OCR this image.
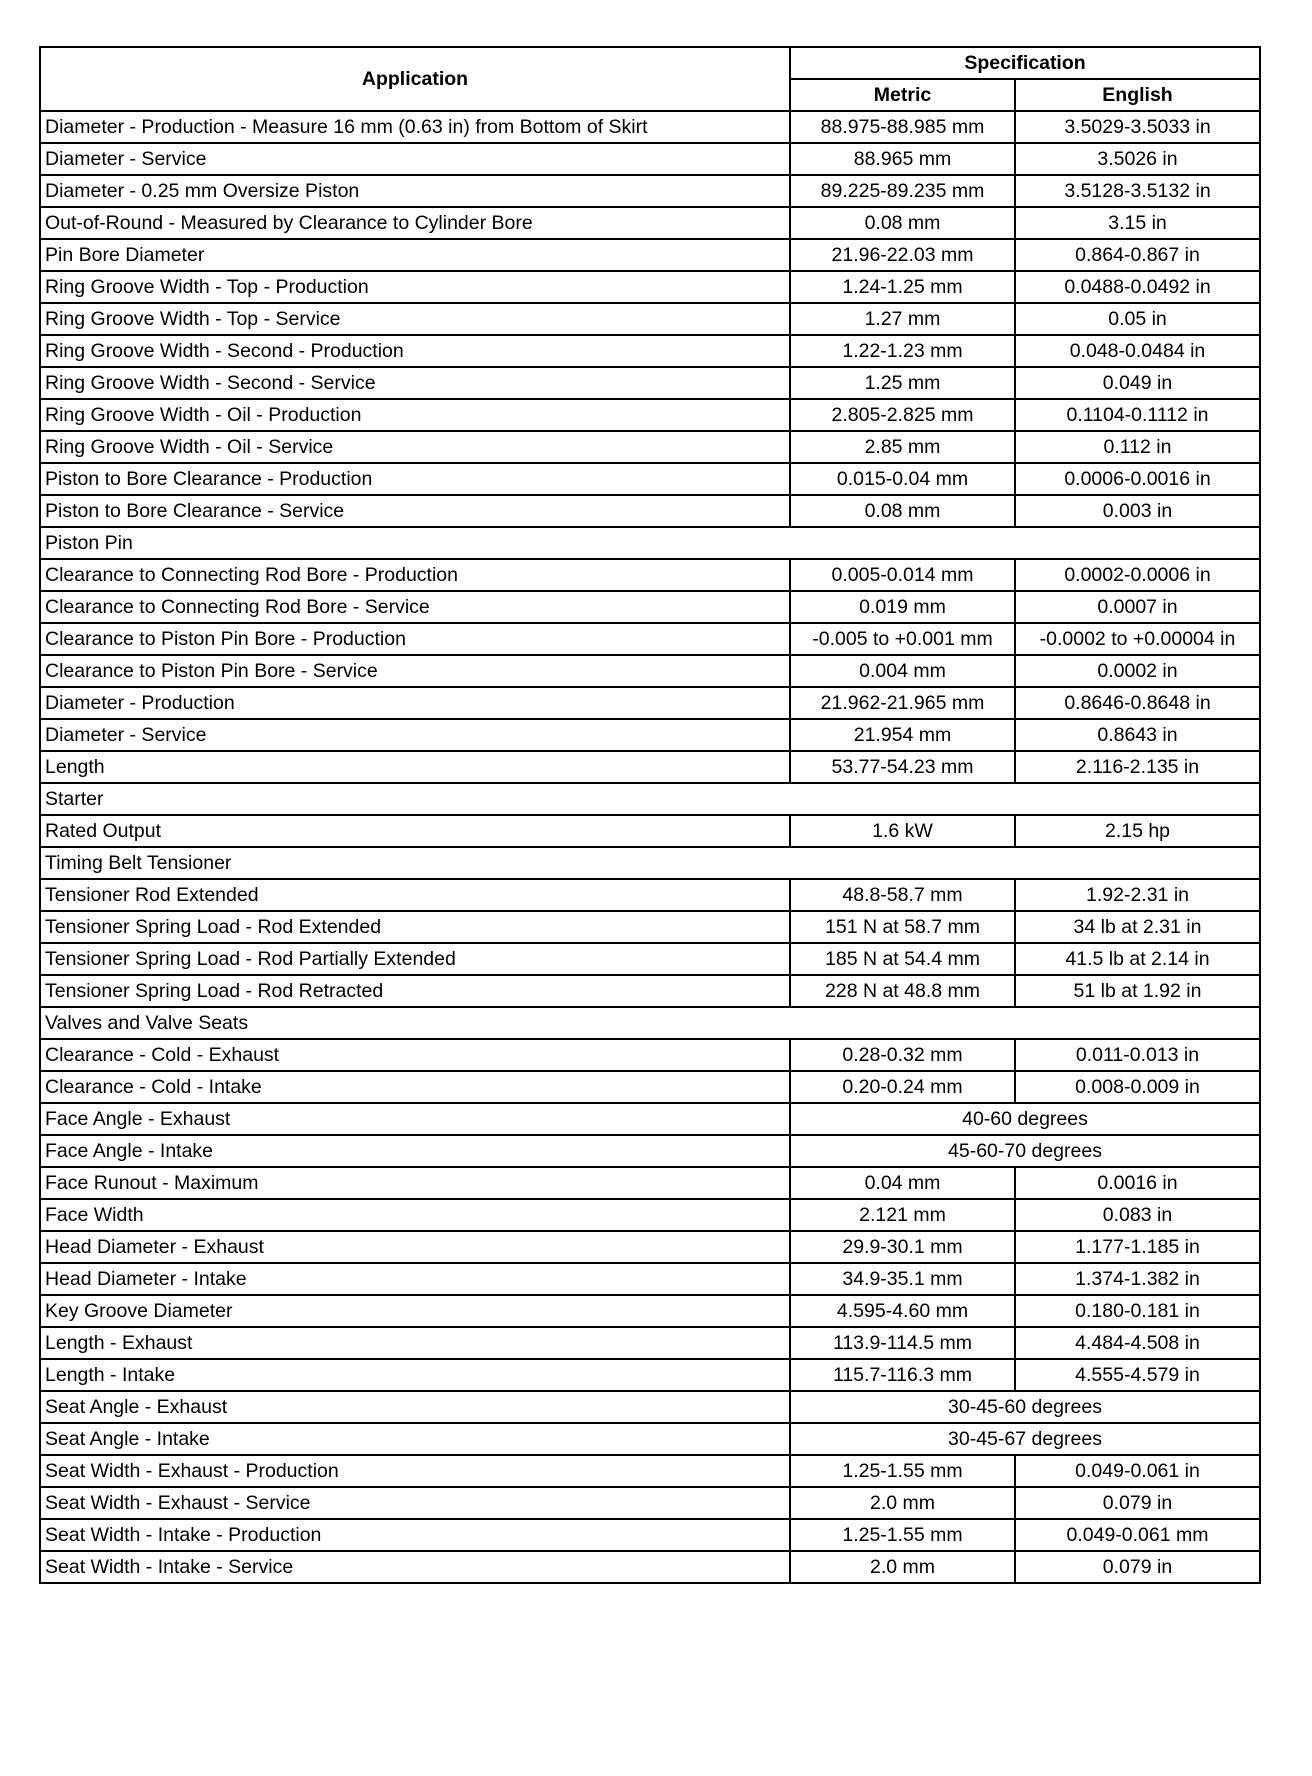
Application	Specification	
	Metric	English
Diameter - Production - Measure 16 mm (0.63 in) from Bottom of Skirt	88.975-88.985 mm	3.5029-3.5033 in
Diameter - Service	88.965 mm	3.5026 in
Diameter - 0.25 mm Oversize Piston	89.225-89.235 mm	3.5128-3.5132 in
Out-of-Round - Measured by Clearance to Cylinder Bore	0.08 mm	3.15 in
Pin Bore Diameter	21.96-22.03 mm	0.864-0.867 in
Ring Groove Width - Top - Production	1.24-1.25 mm	0.0488-0.0492 in
Ring Groove Width - Top - Service	1.27 mm	0.05 in
Ring Groove Width - Second - Production	1.22-1.23 mm	0.048-0.0484 in
Ring Groove Width - Second - Service	1.25 mm	0.049 in
Ring Groove Width - Oil - Production	2.805-2.825 mm	0.1104-0.1112 in
Ring Groove Width - Oil - Service	2.85 mm	0.112 in
Piston to Bore Clearance - Production	0.015-0.04 mm	0.0006-0.0016 in
Piston to Bore Clearance - Service	0.08 mm	0.003 in
Piston Pin		
Clearance to Connecting Rod Bore - Production	0.005-0.014 mm	0.0002-0.0006 in
Clearance to Connecting Rod Bore - Service	0.019 mm	0.0007 in
Clearance to Piston Pin Bore - Production	-0.005 to +0.001 mm	-0.0002 to +0.00004 in
Clearance to Piston Pin Bore - Service	0.004 mm	0.0002 in
Diameter - Production	21.962-21.965 mm	0.8646-0.8648 in
Diameter - Service	21.954 mm	0.8643 in
Length	53.77-54.23 mm	2.116-2.135 in
Starter		
Rated Output	1.6 kW	2.15 hp
Timing Belt Tensioner		
Tensioner Rod Extended	48.8-58.7 mm	1.92-2.31 in
Tensioner Spring Load - Rod Extended	151 N at 58.7 mm	34 lb at 2.31 in
Tensioner Spring Load - Rod Partially Extended	185 N at 54.4 mm	41.5 lb at 2.14 in
Tensioner Spring Load - Rod Retracted	228 N at 48.8 mm	51 lb at 1.92 in
Valves and Valve Seats		
Clearance - Cold - Exhaust	0.28-0.32 mm	0.011-0.013 in
Clearance - Cold - Intake	0.20-0.24 mm	0.008-0.009 in
Face Angle - Exhaust	40-60 degrees	
Face Angle - Intake	45-60-70 degrees	
Face Runout - Maximum	0.04 mm	0.0016 in
Face Width	2.121 mm	0.083 in
Head Diameter - Exhaust	29.9-30.1 mm	1.177-1.185 in
Head Diameter - Intake	34.9-35.1 mm	1.374-1.382 in
Key Groove Diameter	4.595-4.60 mm	0.180-0.181 in
Length - Exhaust	113.9-114.5 mm	4.484-4.508 in
Length - Intake	115.7-116.3 mm	4.555-4.579 in
Seat Angle - Exhaust	30-45-60 degrees	
Seat Angle - Intake	30-45-67 degrees	
Seat Width - Exhaust - Production	1.25-1.55 mm	0.049-0.061 in
Seat Width - Exhaust - Service	2.0 mm	0.079 in
Seat Width - Intake - Production	1.25-1.55 mm	0.049-0.061 mm
Seat Width - Intake - Service	2.0 mm	0.079 in
